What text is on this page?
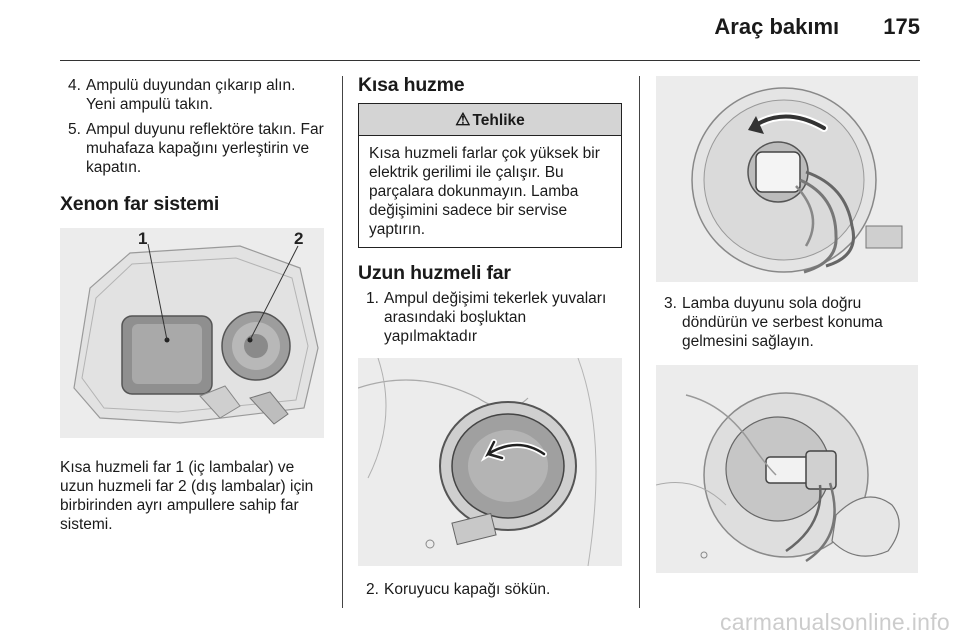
Araç bakımı 175
4. Ampulü duyundan çıkarıp alın. Yeni ampulü takın.
5. Ampul duyunu reflektöre takın. Far muhafaza kapağını yerleştirin ve kapatın.
Xenon far sistemi
1	2
Kısa huzmeli far 1 (iç lambalar) ve uzun huzmeli far 2 (dış lambalar) için birbirinden ayrı ampullere sahip far sistemi.
Kısa huzme
⚠ Tehlike
Kısa huzmeli farlar çok yüksek bir elektrik gerilimi ile çalışır. Bu parçalara dokunmayın. Lamba değişimini sadece bir servise yaptırın.
Uzun huzmeli far
1. Ampul değişimi tekerlek yuvaları arasındaki boşluktan yapılmaktadır
2. Koruyucu kapağı sökün.
3. Lamba duyunu sola doğru döndürün ve serbest konuma gelmesini sağlayın.
carmanualsonline.info
